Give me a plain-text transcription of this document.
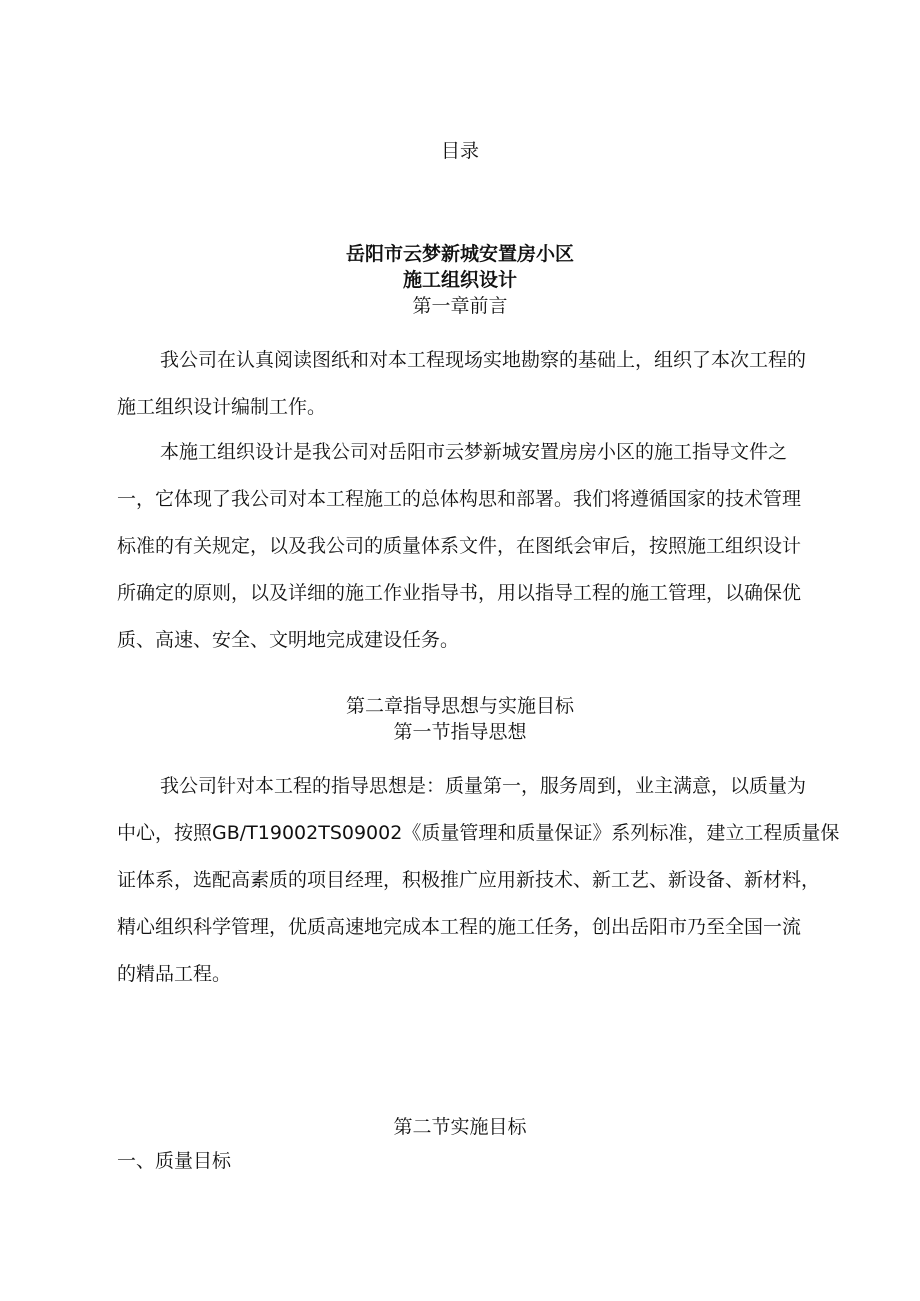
目录
岳阳市云梦新城安置房小区
施工组织设计
第一章前言
我公司在认真阅读图纸和对本工程现场实地勘察的基础上，组织了本次工程的
施工组织设计编制工作。
本施工组织设计是我公司对岳阳市云梦新城安置房房小区的施工指导文件之
一，它体现了我公司对本工程施工的总体构思和部署。我们将遵循国家的技术管理
标准的有关规定，以及我公司的质量体系文件，在图纸会审后，按照施工组织设计
所确定的原则，以及详细的施工作业指导书，用以指导工程的施工管理，以确保优
质、高速、安全、文明地完成建设任务。
第二章指导思想与实施目标
第一节指导思想
我公司针对本工程的指导思想是：质量第一，服务周到，业主满意，以质量为
中心，按照GB/T19002TS09002《质量管理和质量保证》系列标准，建立工程质量保
证体系，选配高素质的项目经理，积极推广应用新技术、新工艺、新设备、新材料，
精心组织科学管理，优质高速地完成本工程的施工任务，创出岳阳市乃至全国一流
的精品工程。
第二节实施目标
一、质量目标
